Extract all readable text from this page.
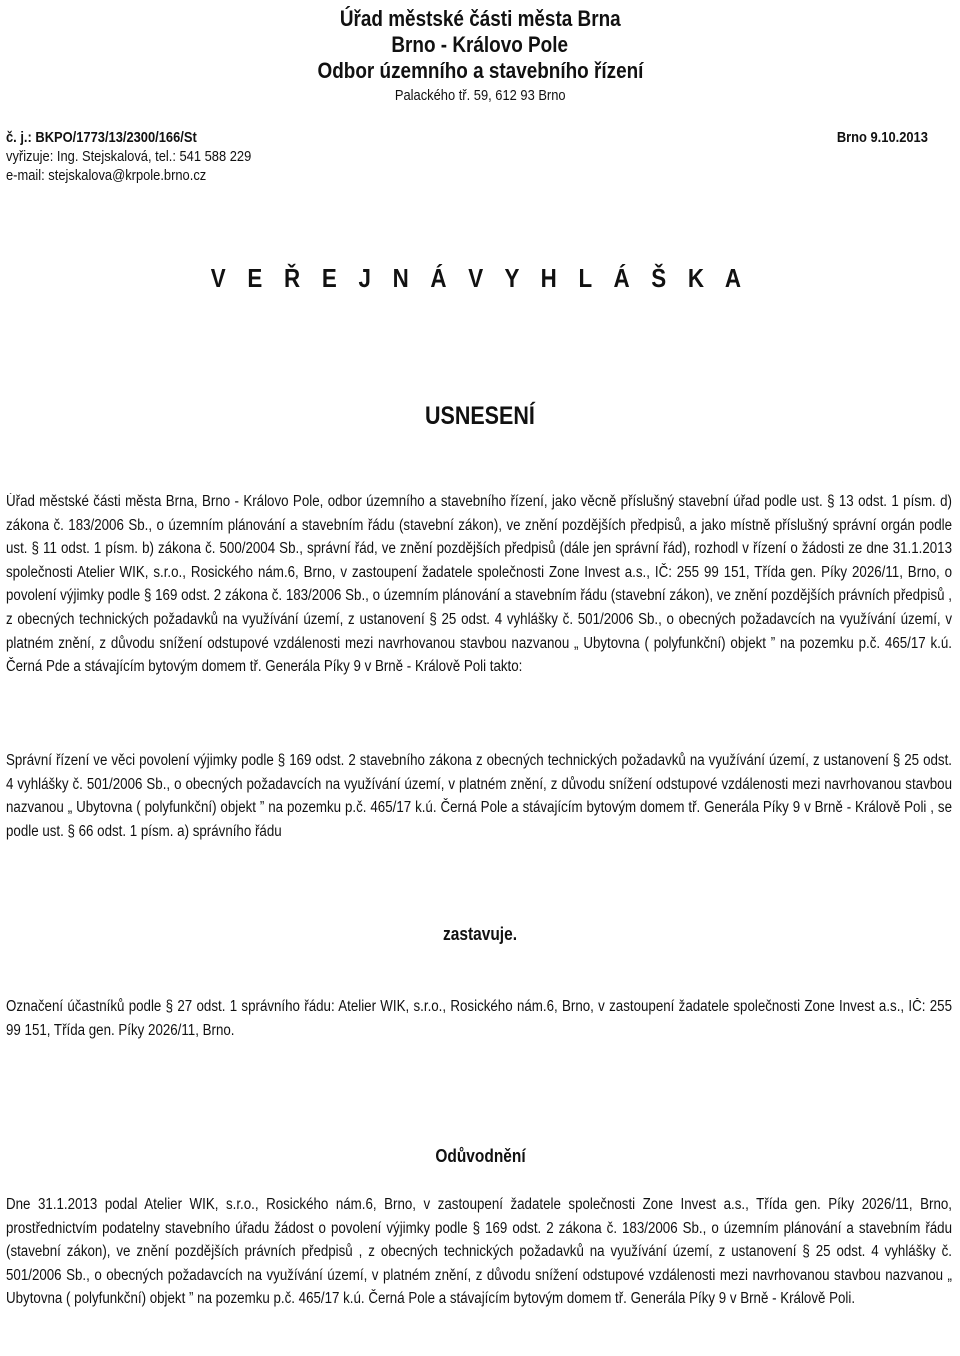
Úřad městské části města Brna
Brno - Královo Pole
Odbor územního a stavebního řízení
Palackého tř. 59, 612 93 Brno
č. j.: BKPO/1773/13/2300/166/St	Brno 9.10.2013
vyřizuje: Ing. Stejskalová, tel.: 541 588 229
e-mail: stejskalova@krpole.brno.cz
V E Ř E J N Á V Y H L Á Š K A
USNESENÍ
Úřad městské části města Brna, Brno - Královo Pole, odbor územního a stavebního řízení, jako věcně příslušný stavební úřad podle ust. § 13 odst. 1 písm. d) zákona č. 183/2006 Sb., o územním plánování a stavebním řádu (stavební zákon), ve znění pozdějších předpisů, a jako místně příslušný správní orgán podle ust. § 11 odst. 1 písm. b) zákona č. 500/2004 Sb., správní řád, ve znění pozdějších předpisů (dále jen správní řád), rozhodl v řízení o žádosti ze dne 31.1.2013 společnosti Atelier WIK, s.r.o., Rosického nám.6, Brno, v zastoupení žadatele společnosti Zone Invest a.s., IČ: 255 99 151, Třída gen. Píky 2026/11, Brno, o povolení výjimky podle § 169 odst. 2 zákona č. 183/2006 Sb., o územním plánování a stavebním řádu (stavební zákon), ve znění pozdějších právních předpisů , z obecných technických požadavků na využívání území, z ustanovení § 25 odst. 4 vyhlášky č. 501/2006 Sb., o obecných požadavcích na využívání území, v platném znění, z důvodu snížení odstupové vzdálenosti mezi navrhovanou stavbou nazvanou „ Ubytovna ( polyfunkční) objekt ” na pozemku p.č. 465/17 k.ú. Černá Pde a stávajícím bytovým domem tř. Generála Píky 9 v Brně - Králově Poli takto:
Správní řízení ve věci povolení výjimky podle § 169 odst. 2 stavebního zákona z obecných technických požadavků na využívání území, z ustanovení § 25 odst. 4 vyhlášky č. 501/2006 Sb., o obecných požadavcích na využívání území, v platném znění, z důvodu snížení odstupové vzdálenosti mezi navrhovanou stavbou nazvanou „ Ubytovna ( polyfunkční) objekt ” na pozemku p.č. 465/17 k.ú. Černá Pole a stávajícím bytovým domem tř. Generála Píky 9 v Brně - Králově Poli , se podle ust. § 66 odst. 1 písm. a) správního řádu
zastavuje.
Označení účastníků podle § 27 odst. 1 správního řádu: Atelier WIK, s.r.o., Rosického nám.6, Brno, v zastoupení žadatele společnosti Zone Invest a.s., IČ: 255 99 151, Třída gen. Píky 2026/11, Brno.
Odůvodnění
Dne 31.1.2013 podal Atelier WIK, s.r.o., Rosického nám.6, Brno, v zastoupení žadatele společnosti Zone Invest a.s., Třída gen. Píky 2026/11, Brno, prostřednictvím podatelny stavebního úřadu žádost o povolení výjimky podle § 169 odst. 2 zákona č. 183/2006 Sb., o územním plánování a stavebním řádu (stavební zákon), ve znění pozdějších právních předpisů , z obecných technických požadavků na využívání území, z ustanovení § 25 odst. 4 vyhlášky č. 501/2006 Sb., o obecných požadavcích na využívání území, v platném znění, z důvodu snížení odstupové vzdálenosti mezi navrhovanou stavbou nazvanou „ Ubytovna ( polyfunkční) objekt ” na pozemku p.č. 465/17 k.ú. Černá Pole a stávajícím bytovým domem tř. Generála Píky 9 v Brně - Králově Poli.
